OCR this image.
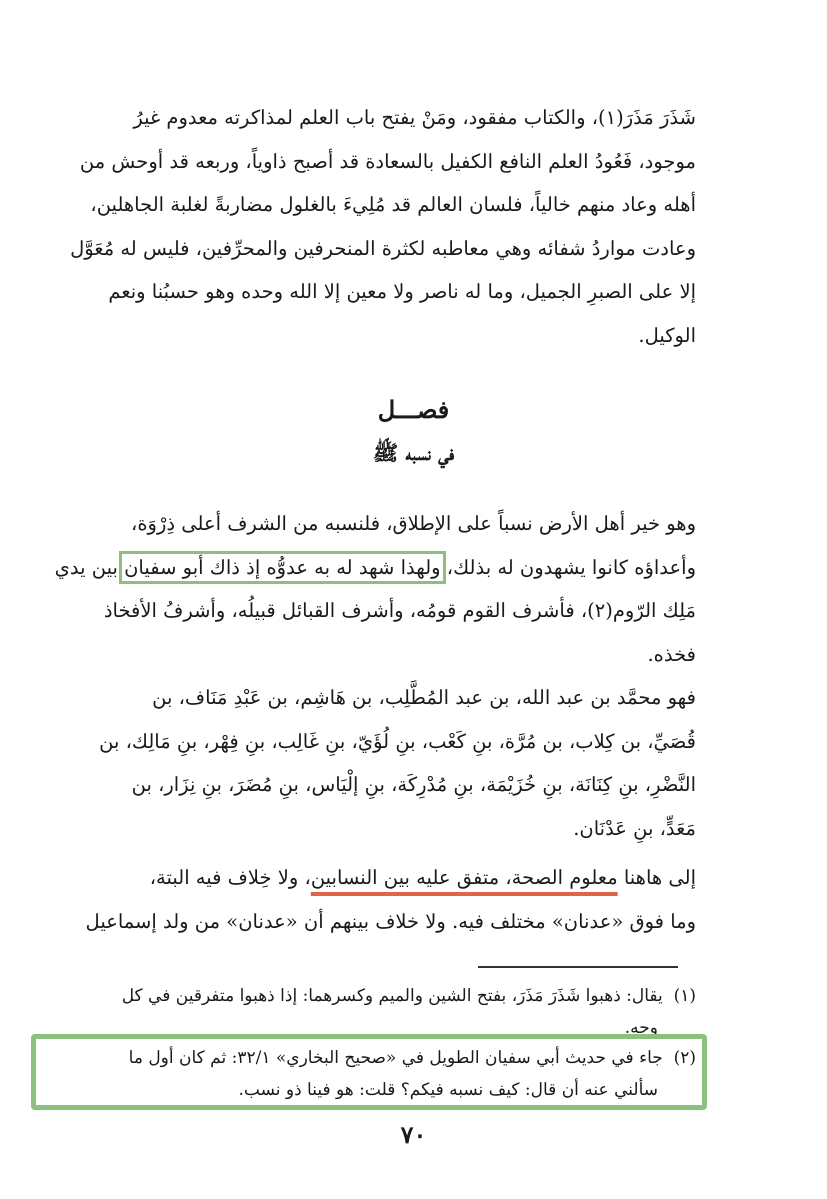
شَذَرَ مَذَرَ(١)، والكتاب مفقود، ومَنْ يفتح باب العلم لمذاكرته معدوم غيرُ
موجود، فَعُودُ العلم النافع الكفيل بالسعادة قد أصبح ذاوياً، وربعه قد أوحش من
أهله وعاد منهم خالياً، فلسان العالم قد مُلِيءَ بالغلول مضاربةً لغلبة الجاهلين،
وعادت مواردُ شفائه وهي معاطبه لكثرة المنحرفين والمحرِّفين، فليس له مُعَوَّل
إلا على الصبرِ الجميل، وما له ناصر ولا معين إلا الله وحده وهو حسبُنا ونعم
الوكيل.
فصـــل
في نسبه ﷺ
وهو خير أهل الأرض نسباً على الإطلاق، فلنسبه من الشرف أعلى ذِرْوَة،
وأعداؤه كانوا يشهدون له بذلك، ولهذا شهد له به عدوُّه إذ ذاك أبو سفيان بين يدي
مَلِك الرّوم(٢)، فأشرف القوم قومُه، وأشرف القبائل قبيلُه، وأشرفُ الأفخاذ
فخذه.
فهو محمَّد بن عبد الله، بن عبد المُطَّلِب، بن هَاشِم، بن عَبْدِ مَنَاف، بن
قُصَيِّ، بن كِلاب، بن مُرَّة، بنِ كَعْب، بنِ لُؤَيّ، بنِ غَالِب، بنِ فِهْر، بنِ مَالِك، بن
النَّضْرِ، بنِ كِنَانَة، بنِ خُزَيْمَة، بنِ مُدْرِكَة، بنِ إلْيَاس، بنِ مُضَرَ، بنِ نِزَار، بن
مَعَدٍّ، بنِ عَدْنَان.
إلى هاهنا معلوم الصحة، متفق عليه بين النسابين، ولا خِلاف فيه البتة،
وما فوق «عدنان» مختلف فيه. ولا خلاف بينهم أن «عدنان» من ولد إسماعيل
(١)  يقال: ذهبوا شَذَرَ مَذَرَ، بفتح الشين والميم وكسرهما: إذا ذهبوا متفرقين في كل
وجه.
(٢)  جاء في حديث أبي سفيان الطويل في «صحيح البخاري» ٣٢/١: ثم كان أول ما
سألني عنه أن قال: كيف نسبه فيكم؟ قلت: هو فينا ذو نسب.
٧٠
